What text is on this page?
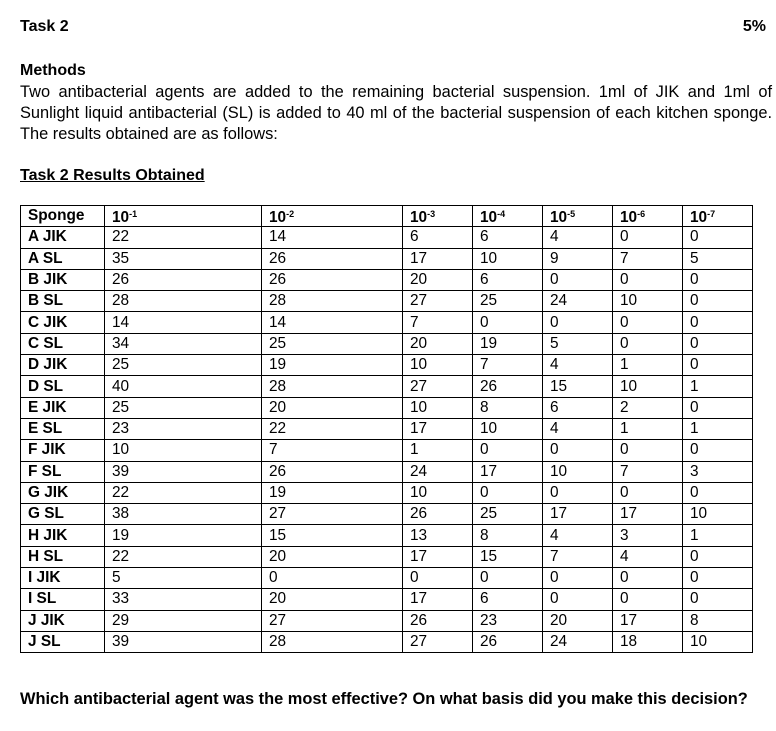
Task 2	5%
Methods
Two antibacterial agents are added to the remaining bacterial suspension. 1ml of JIK and 1ml of Sunlight liquid antibacterial (SL) is added to 40 ml of the bacterial suspension of each kitchen sponge. The results obtained are as follows:
Task 2 Results Obtained
Sponge	$10^{-1}$	$10^{-2}$	$10^{-3}$	$10^{-4}$	$10^{-5}$	$10^{-6}$	$10^{-7}$
A JIK	22	14	6	6	4	0	0
A SL	35	26	17	10	9	7	5
B JIK	26	26	20	6	0	0	0
B SL	28	28	27	25	24	10	0
C JIK	14	14	7	0	0	0	0
C SL	34	25	20	19	5	0	0
D JIK	25	19	10	7	4	1	0
D SL	40	28	27	26	15	10	1
E JIK	25	20	10	8	6	2	0
E SL	23	22	17	10	4	1	1
F JIK	10	7	1	0	0	0	0
F SL	39	26	24	17	10	7	3
G JIK	22	19	10	0	0	0	0
G SL	38	27	26	25	17	17	10
H JIK	19	15	13	8	4	3	1
H SL	22	20	17	15	7	4	0
I JIK	5	0	0	0	0	0	0
I SL	33	20	17	6	0	0	0
J JIK	29	27	26	23	20	17	8
J SL	39	28	27	26	24	18	10
Which antibacterial agent was the most effective? On what basis did you make this decision?
